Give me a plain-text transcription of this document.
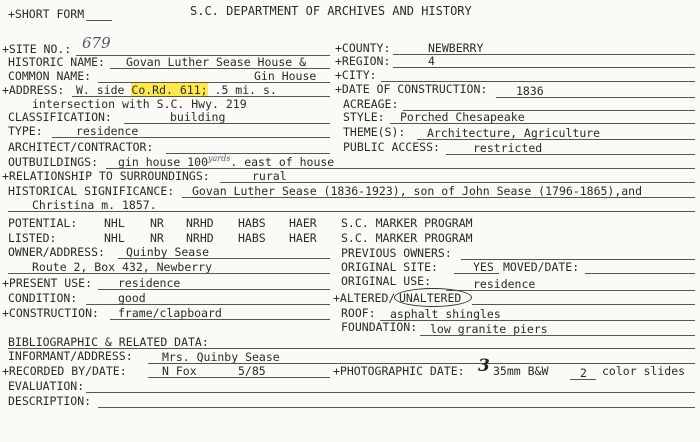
+SHORT FORM	S.C. DEPARTMENT OF ARCHIVES AND HISTORY
+SITE NO.: 679	+COUNTY:	NEWBERRY
HISTORIC NAME: Govan Luther Sease House &	+REGION:	4
COMMON NAME:	Gin House +CITY:
+ADDRESS: W. side Co.Rd. 611; .5 mi. s.	+DATE OF CONSTRUCTION: 1836
intersection with S.C. Hwy. 219	ACREAGE:
CLASSIFICATION:	building	STYLE: Porched Chesapeake
TYPE:	residence	THEME(S): Architecture, Agriculture
ARCHITECT/CONTRACTOR:	PUBLIC ACCESS:	restricted
OUTBUILDINGS: gin house $100^{yards}$. east of house
+RELATIONSHIP TO SURROUNDINGS:	rural
HISTORICAL SIGNIFICANCE: Govan Luther Sease (1836-1923), son of John Sease (1796-1865),and
Christina m. 1857.
POTENTIAL: NHL NR NRHD HABS HAER S.C. MARKER PROGRAM
LISTED:	NHL NR NRHD HABS HAER S.C. MARKER PROGRAM
OWNER/ADDRESS: Quinby Sease	PREVIOUS OWNERS:
Route 2, Box 432, Newberry	ORIGINAL SITE:	YES MOVED/DATE:
+PRESENT USE: residence	ORIGINAL USE:	residence
CONDITION:	good	+ALTERED/ UNALTERED
+CONSTRUCTION: frame/clapboard	ROOF: asphalt shingles
FOUNDATION: low granite piers
BIBLIOGRAPHIC & RELATED DATA:
INFORMANT/ADDRESS:	Mrs. Quinby Sease
+RECORDED BY/DATE:	N Fox	5/85	+PHOTOGRAPHIC DATE: 3 35mm B&W	2 color slides
EVALUATION:
DESCRIPTION:
